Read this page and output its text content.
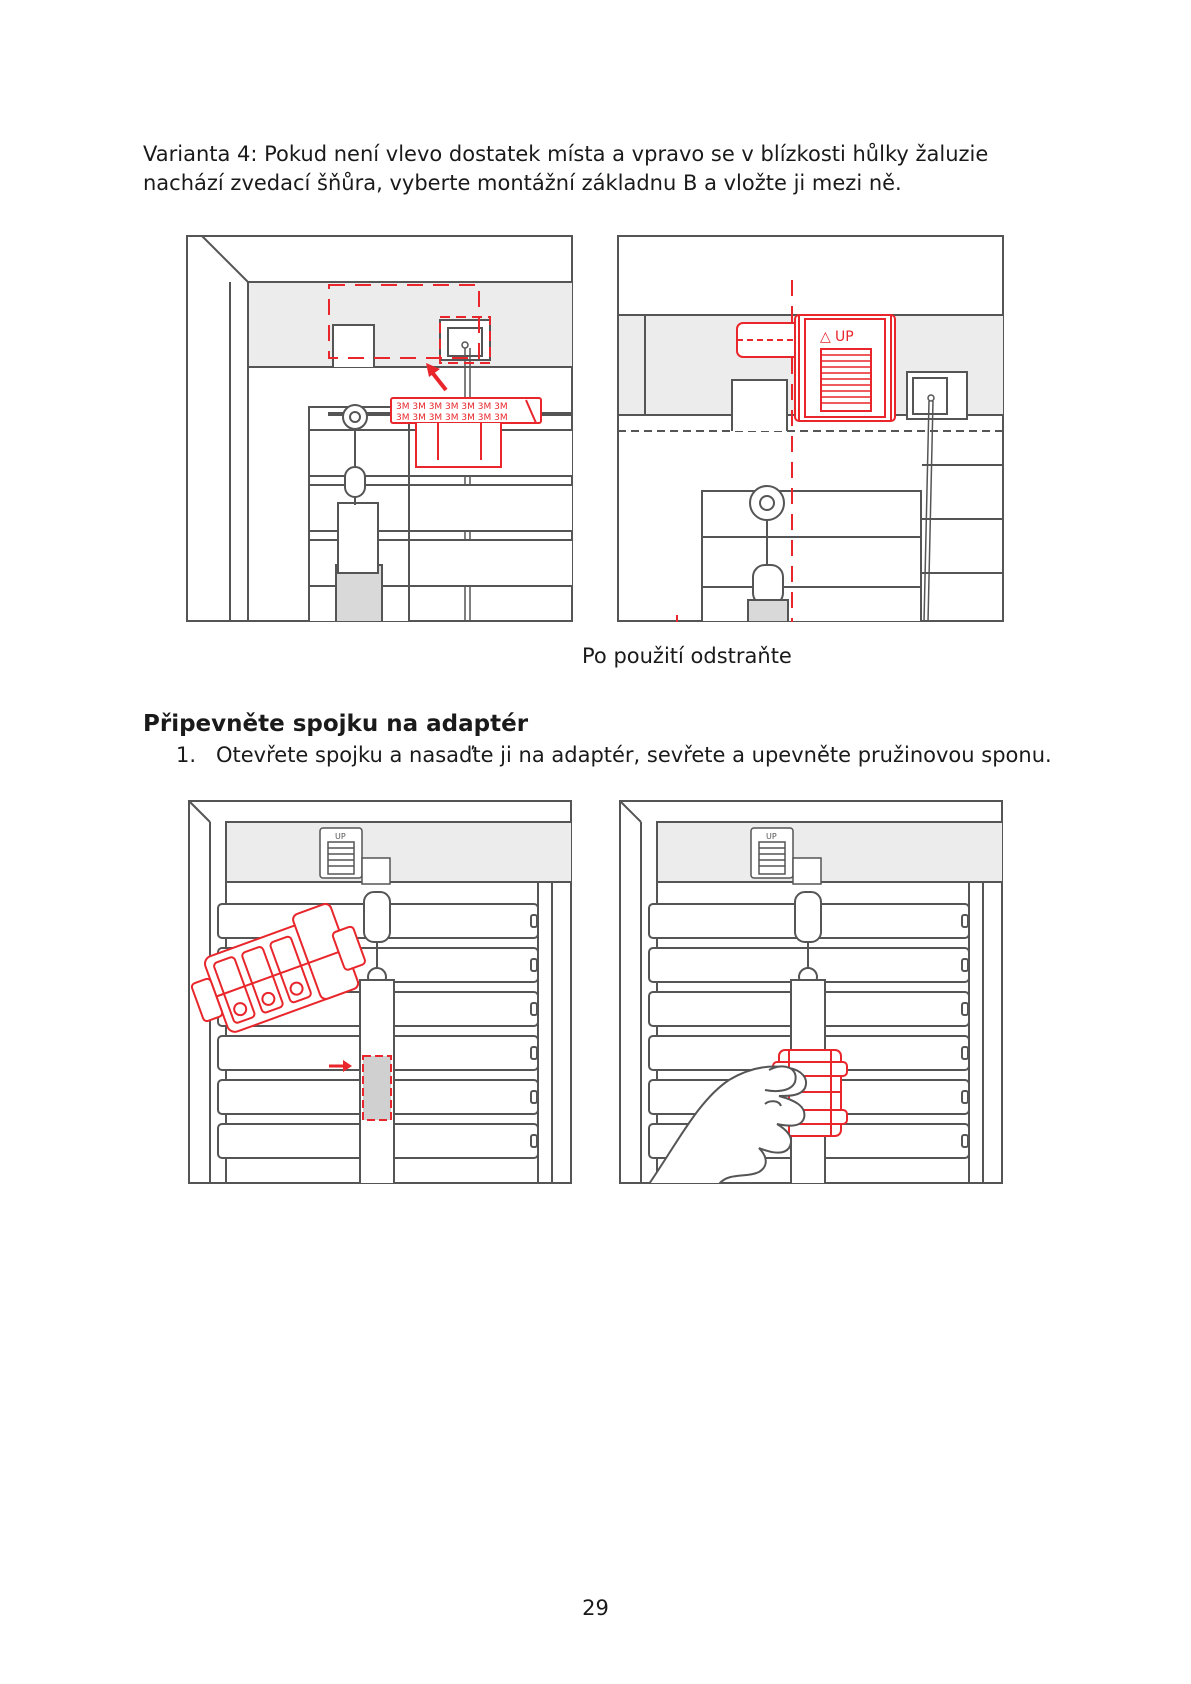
Varianta 4: Pokud není vlevo dostatek místa a vpravo se v blízkosti hůlky žaluzie nachází zvedací šňůra, vyberte montážní základnu B a vložte ji mezi ně.

3M 3M 3M 3M 3M 3M 3M
3M 3M 3M 3M 3M 3M 3M
△ UP

Po použití odstraňte

Připevněte spojku na adaptér

1. Otevřete spojku a nasaďte ji na adaptér, sevřete a upevněte pružinovou sponu.

UP	UP

29
